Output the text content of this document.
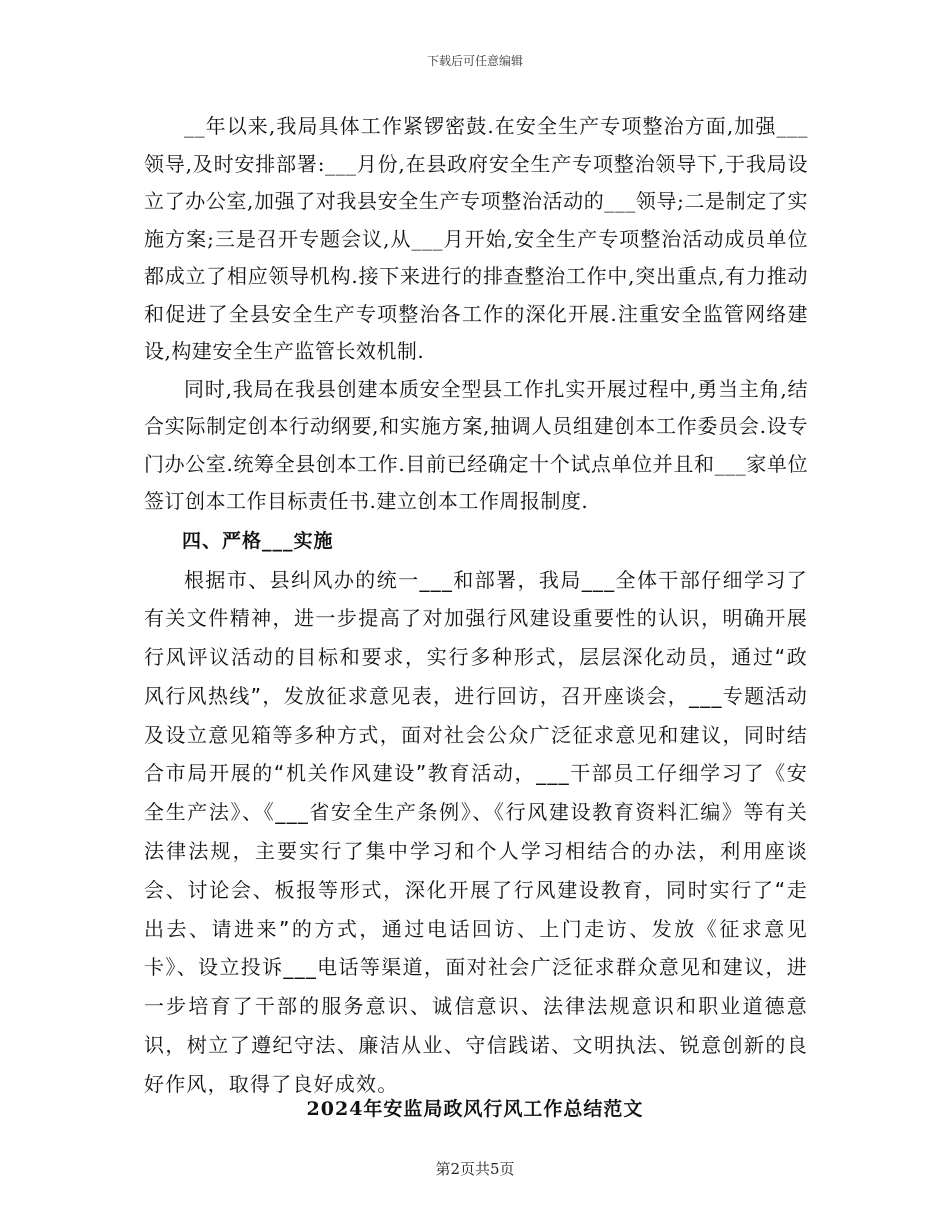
下载后可任意编辑

__年以来,我局具体工作紧锣密鼓.在安全生产专项整治方面,加强___领导,及时安排部署:___月份,在县政府安全生产专项整治领导下,于我局设立了办公室,加强了对我县安全生产专项整治活动的___领导;二是制定了实施方案;三是召开专题会议,从___月开始,安全生产专项整治活动成员单位都成立了相应领导机构.接下来进行的排查整治工作中,突出重点,有力推动和促进了全县安全生产专项整治各工作的深化开展.注重安全监管网络建设,构建安全生产监管长效机制.

同时,我局在我县创建本质安全型县工作扎实开展过程中,勇当主角,结合实际制定创本行动纲要,和实施方案,抽调人员组建创本工作委员会.设专门办公室.统筹全县创本工作.目前已经确定十个试点单位并且和___家单位签订创本工作目标责任书.建立创本工作周报制度.

四、严格___实施

根据市、县纠风办的统一___和部署，我局___全体干部仔细学习了有关文件精神，进一步提高了对加强行风建设重要性的认识，明确开展行风评议活动的目标和要求，实行多种形式，层层深化动员，通过“政风行风热线”，发放征求意见表，进行回访，召开座谈会，___专题活动及设立意见箱等多种方式，面对社会公众广泛征求意见和建议，同时结合市局开展的“机关作风建设”教育活动，___干部员工仔细学习了《安全生产法》、《___省安全生产条例》、《行风建设教育资料汇编》等有关法律法规，主要实行了集中学习和个人学习相结合的办法，利用座谈会、讨论会、板报等形式，深化开展了行风建设教育，同时实行了“走出去、请进来”的方式，通过电话回访、上门走访、发放《征求意见卡》、设立投诉___电话等渠道，面对社会广泛征求群众意见和建议，进一步培育了干部的服务意识、诚信意识、法律法规意识和职业道德意识，树立了遵纪守法、廉洁从业、守信践诺、文明执法、锐意创新的良好作风，取得了良好成效。

2024年安监局政风行风工作总结范文
第2页共5页
